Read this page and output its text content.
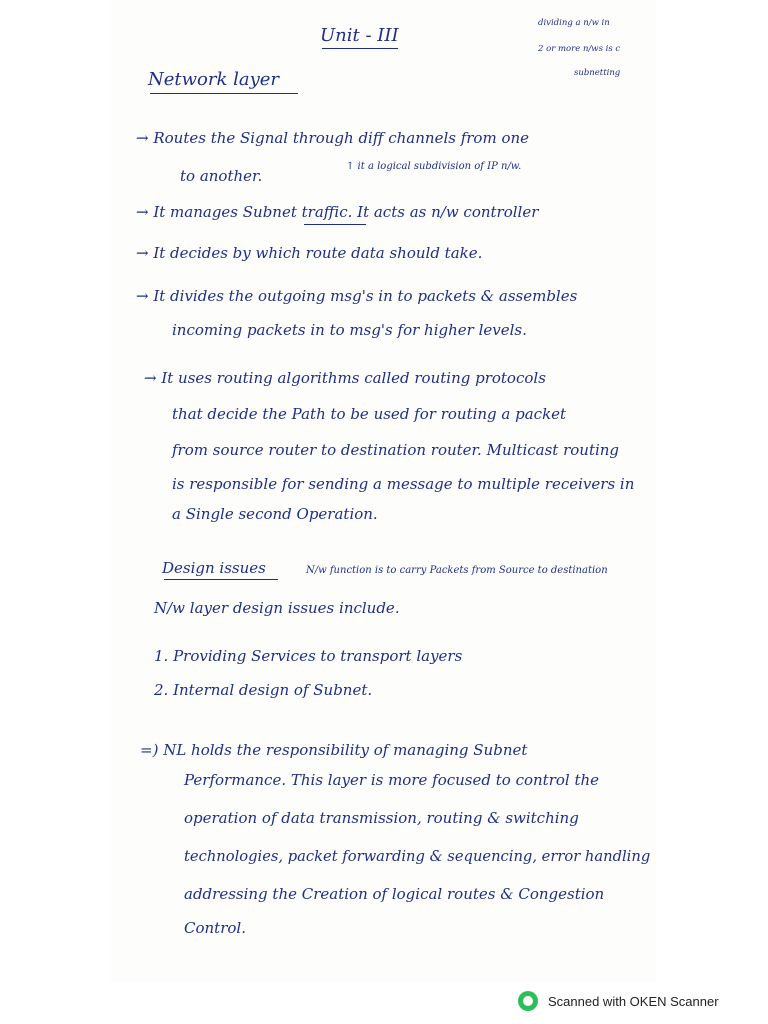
Unit - III

dividing a n/w in

2 or more n/ws is c

subnetting

Network layer

→ Routes the Signal through diff channels from one

to another.

↑ it a logical subdivision of IP n/w.

→ It manages Subnet traffic. It acts as n/w controller

→ It decides by which route data should take.

→ It divides the outgoing msg's in to packets & assembles

incoming packets in to msg's for higher levels.

→ It uses routing algorithms called routing protocols

that decide the Path to be used for routing a packet

from source router to destination router. Multicast routing

is responsible for sending a message to multiple receivers in

a Single second Operation.

Design issues	N/w function is to carry Packets from Source to destination

N/w layer design issues include.

1. Providing Services to transport layers

2. Internal design of Subnet.

=) NL holds the responsibility of managing Subnet

Performance. This layer is more focused to control the

operation of data transmission, routing & switching

technologies, packet forwarding & sequencing, error handling

addressing the Creation of logical routes & Congestion

Control.

Scanned with OKEN Scanner
